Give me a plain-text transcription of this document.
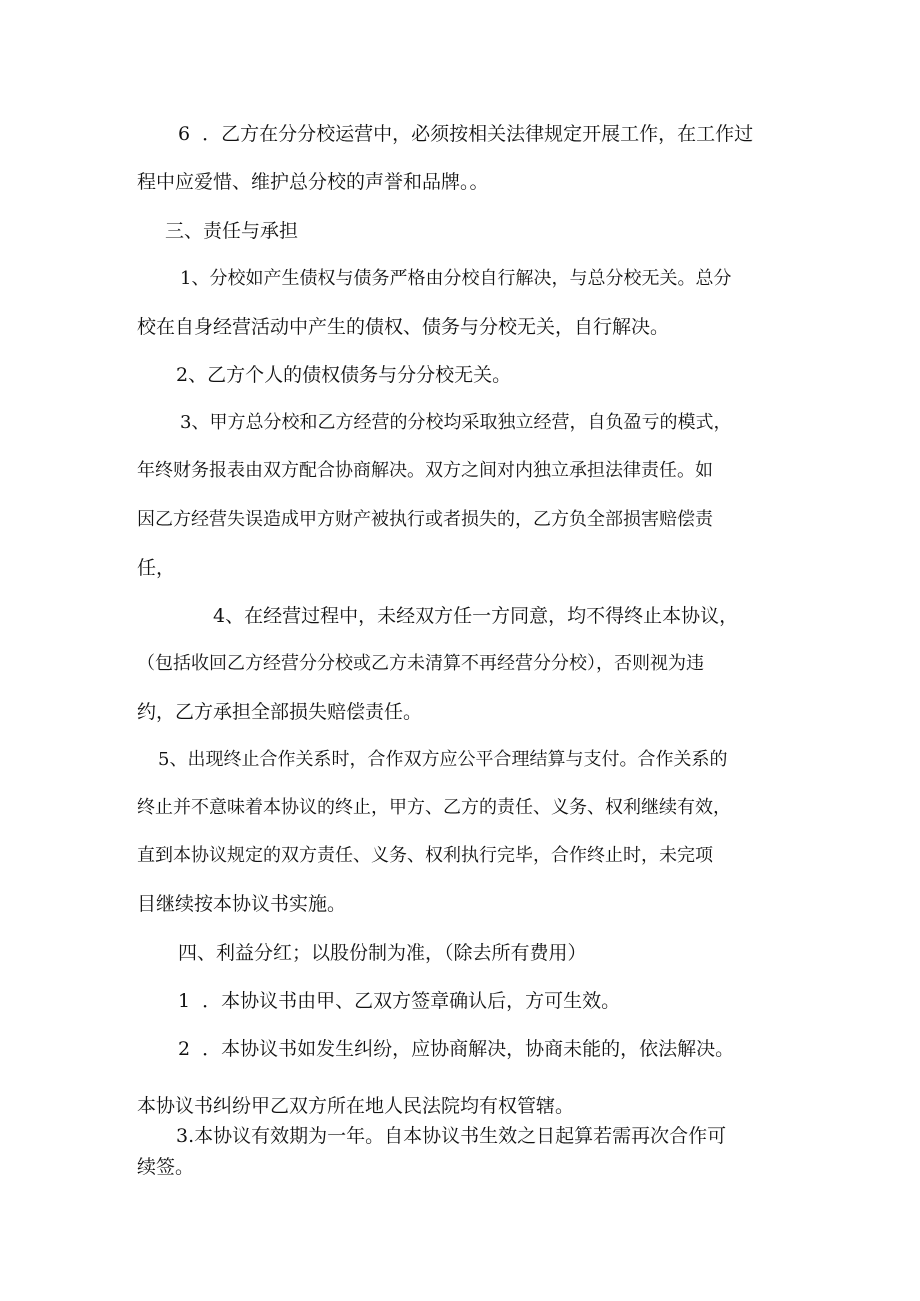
6 ．乙方在分分校运营中，必须按相关法律规定开展工作，在工作过
程中应爱惜、维护总分校的声誉和品牌。。
三、责任与承担
1、分校如产生债权与债务严格由分校自行解决，与总分校无关。总分
校在自身经营活动中产生的债权、债务与分校无关，自行解决。
2、乙方个人的债权债务与分分校无关。
3、甲方总分校和乙方经营的分校均采取独立经营，自负盈亏的模式，
年终财务报表由双方配合协商解决。双方之间对内独立承担法律责任。如
因乙方经营失误造成甲方财产被执行或者损失的，乙方负全部损害赔偿责
任，
4、在经营过程中，未经双方任一方同意，均不得终止本协议，
（包括收回乙方经营分分校或乙方未清算不再经营分分校），否则视为违
约，乙方承担全部损失赔偿责任。
5、出现终止合作关系时，合作双方应公平合理结算与支付。合作关系的
终止并不意味着本协议的终止，甲方、乙方的责任、义务、权利继续有效，
直到本协议规定的双方责任、义务、权利执行完毕，合作终止时，未完项
目继续按本协议书实施。
四、利益分红；以股份制为准，（除去所有费用）
1 ．本协议书由甲、乙双方签章确认后，方可生效。
2 ．本协议书如发生纠纷，应协商解决，协商未能的，依法解决。
本协议书纠纷甲乙双方所在地人民法院均有权管辖。
3.本协议有效期为一年。自本协议书生效之日起算若需再次合作可
续签。
